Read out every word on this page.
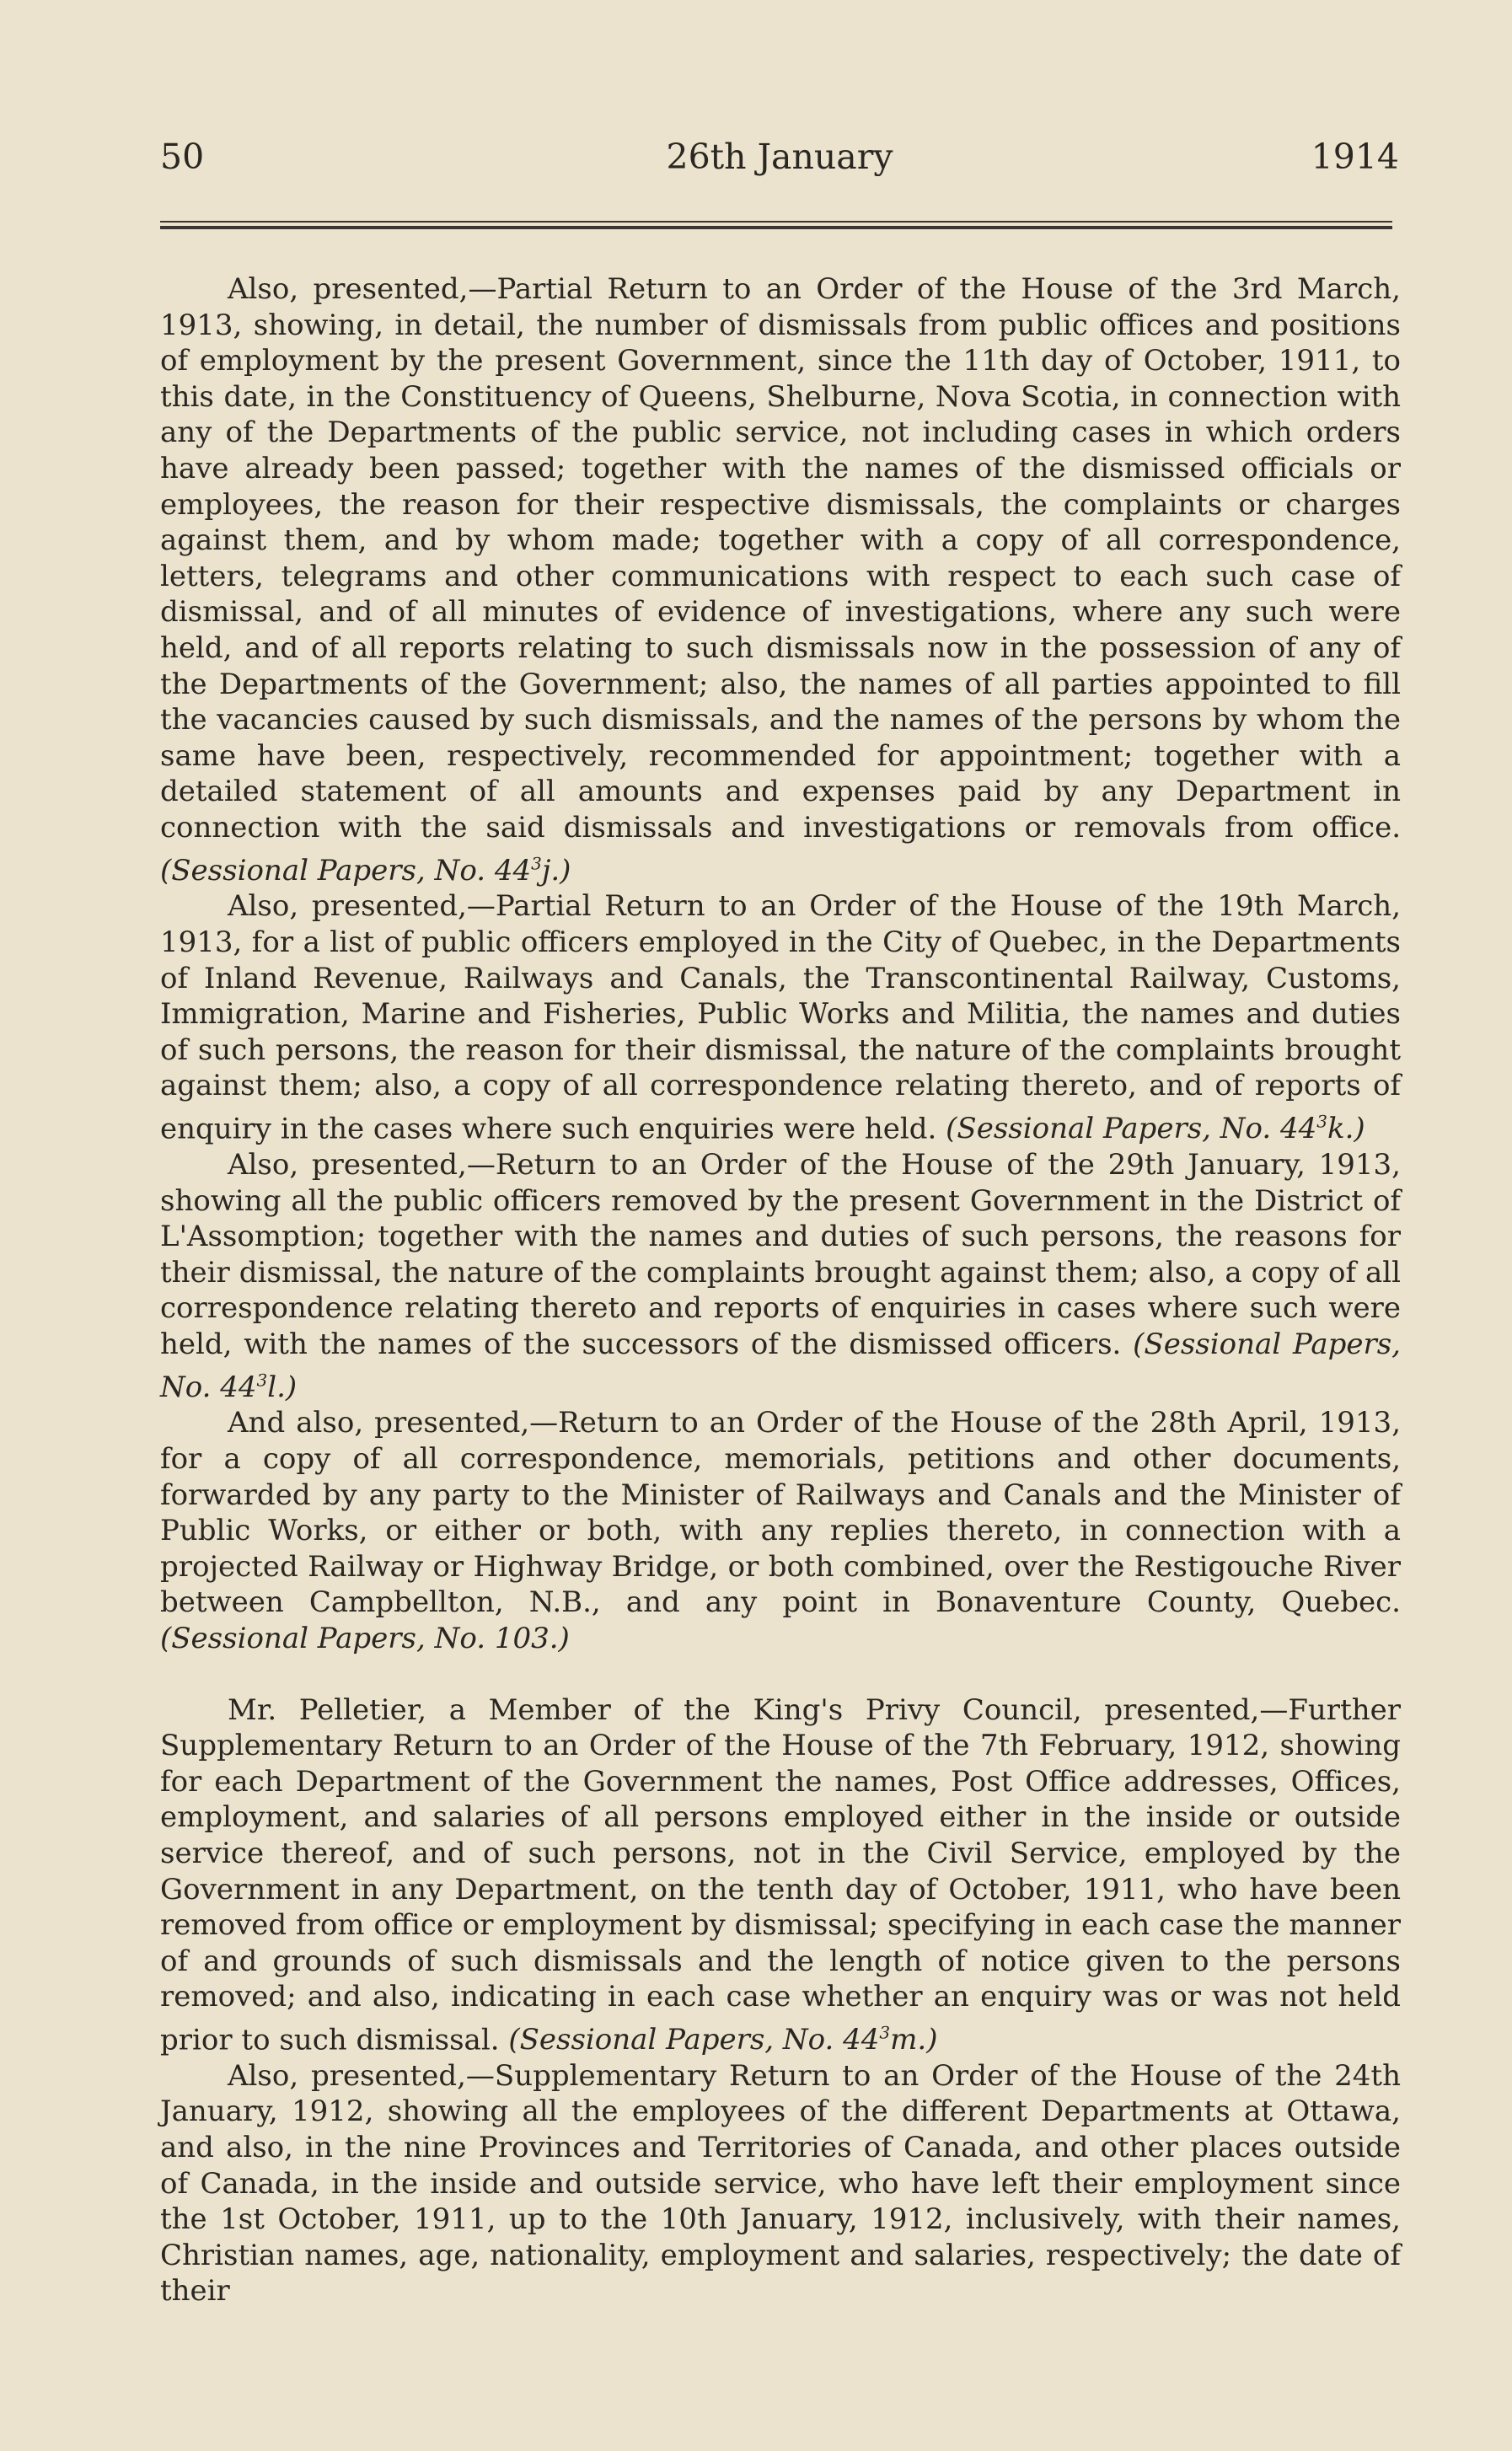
50	26th January	1914

Also, presented,—Partial Return to an Order of the House of the 3rd March, 1913, showing, in detail, the number of dismissals from public offices and positions of employment by the present Government, since the 11th day of October, 1911, to this date, in the Constituency of Queens, Shelburne, Nova Scotia, in connection with any of the Departments of the public service, not including cases in which orders have already been passed; together with the names of the dismissed officials or employees, the reason for their respective dismissals, the complaints or charges against them, and by whom made; together with a copy of all correspondence, letters, telegrams and other communications with respect to each such case of dismissal, and of all minutes of evidence of investigations, where any such were held, and of all reports relating to such dismissals now in the possession of any of the Departments of the Government; also, the names of all parties appointed to fill the vacancies caused by such dismissals, and the names of the persons by whom the same have been, respectively, recommended for appointment; together with a detailed statement of all amounts and expenses paid by any Department in connection with the said dismissals and investigations or removals from office. (Sessional Papers, No. $44^3j$.)

Also, presented,—Partial Return to an Order of the House of the 19th March, 1913, for a list of public officers employed in the City of Quebec, in the Departments of Inland Revenue, Railways and Canals, the Transcontinental Railway, Customs, Immigration, Marine and Fisheries, Public Works and Militia, the names and duties of such persons, the reason for their dismissal, the nature of the complaints brought against them; also, a copy of all correspondence relating thereto, and of reports of enquiry in the cases where such enquiries were held. (Sessional Papers, No. $44^3k$.)

Also, presented,—Return to an Order of the House of the 29th January, 1913, showing all the public officers removed by the present Government in the District of L'Assomption; together with the names and duties of such persons, the reasons for their dismissal, the nature of the complaints brought against them; also, a copy of all correspondence relating thereto and reports of enquiries in cases where such were held, with the names of the successors of the dismissed officers. (Sessional Papers, No. $44^3l$.)

And also, presented,—Return to an Order of the House of the 28th April, 1913, for a copy of all correspondence, memorials, petitions and other documents, forwarded by any party to the Minister of Railways and Canals and the Minister of Public Works, or either or both, with any replies thereto, in connection with a projected Railway or Highway Bridge, or both combined, over the Restigouche River between Campbellton, N.B., and any point in Bonaventure County, Quebec. (Sessional Papers, No. 103.)

Mr. Pelletier, a Member of the King's Privy Council, presented,—Further Supplementary Return to an Order of the House of the 7th February, 1912, showing for each Department of the Government the names, Post Office addresses, Offices, employment, and salaries of all persons employed either in the inside or outside service thereof, and of such persons, not in the Civil Service, employed by the Government in any Department, on the tenth day of October, 1911, who have been removed from office or employment by dismissal; specifying in each case the manner of and grounds of such dismissals and the length of notice given to the persons removed; and also, indicating in each case whether an enquiry was or was not held prior to such dismissal. (Sessional Papers, No. $44^3m$.)

Also, presented,—Supplementary Return to an Order of the House of the 24th January, 1912, showing all the employees of the different Departments at Ottawa, and also, in the nine Provinces and Territories of Canada, and other places outside of Canada, in the inside and outside service, who have left their employment since the 1st October, 1911, up to the 10th January, 1912, inclusively, with their names, Christian names, age, nationality, employment and salaries, respectively; the date of their
